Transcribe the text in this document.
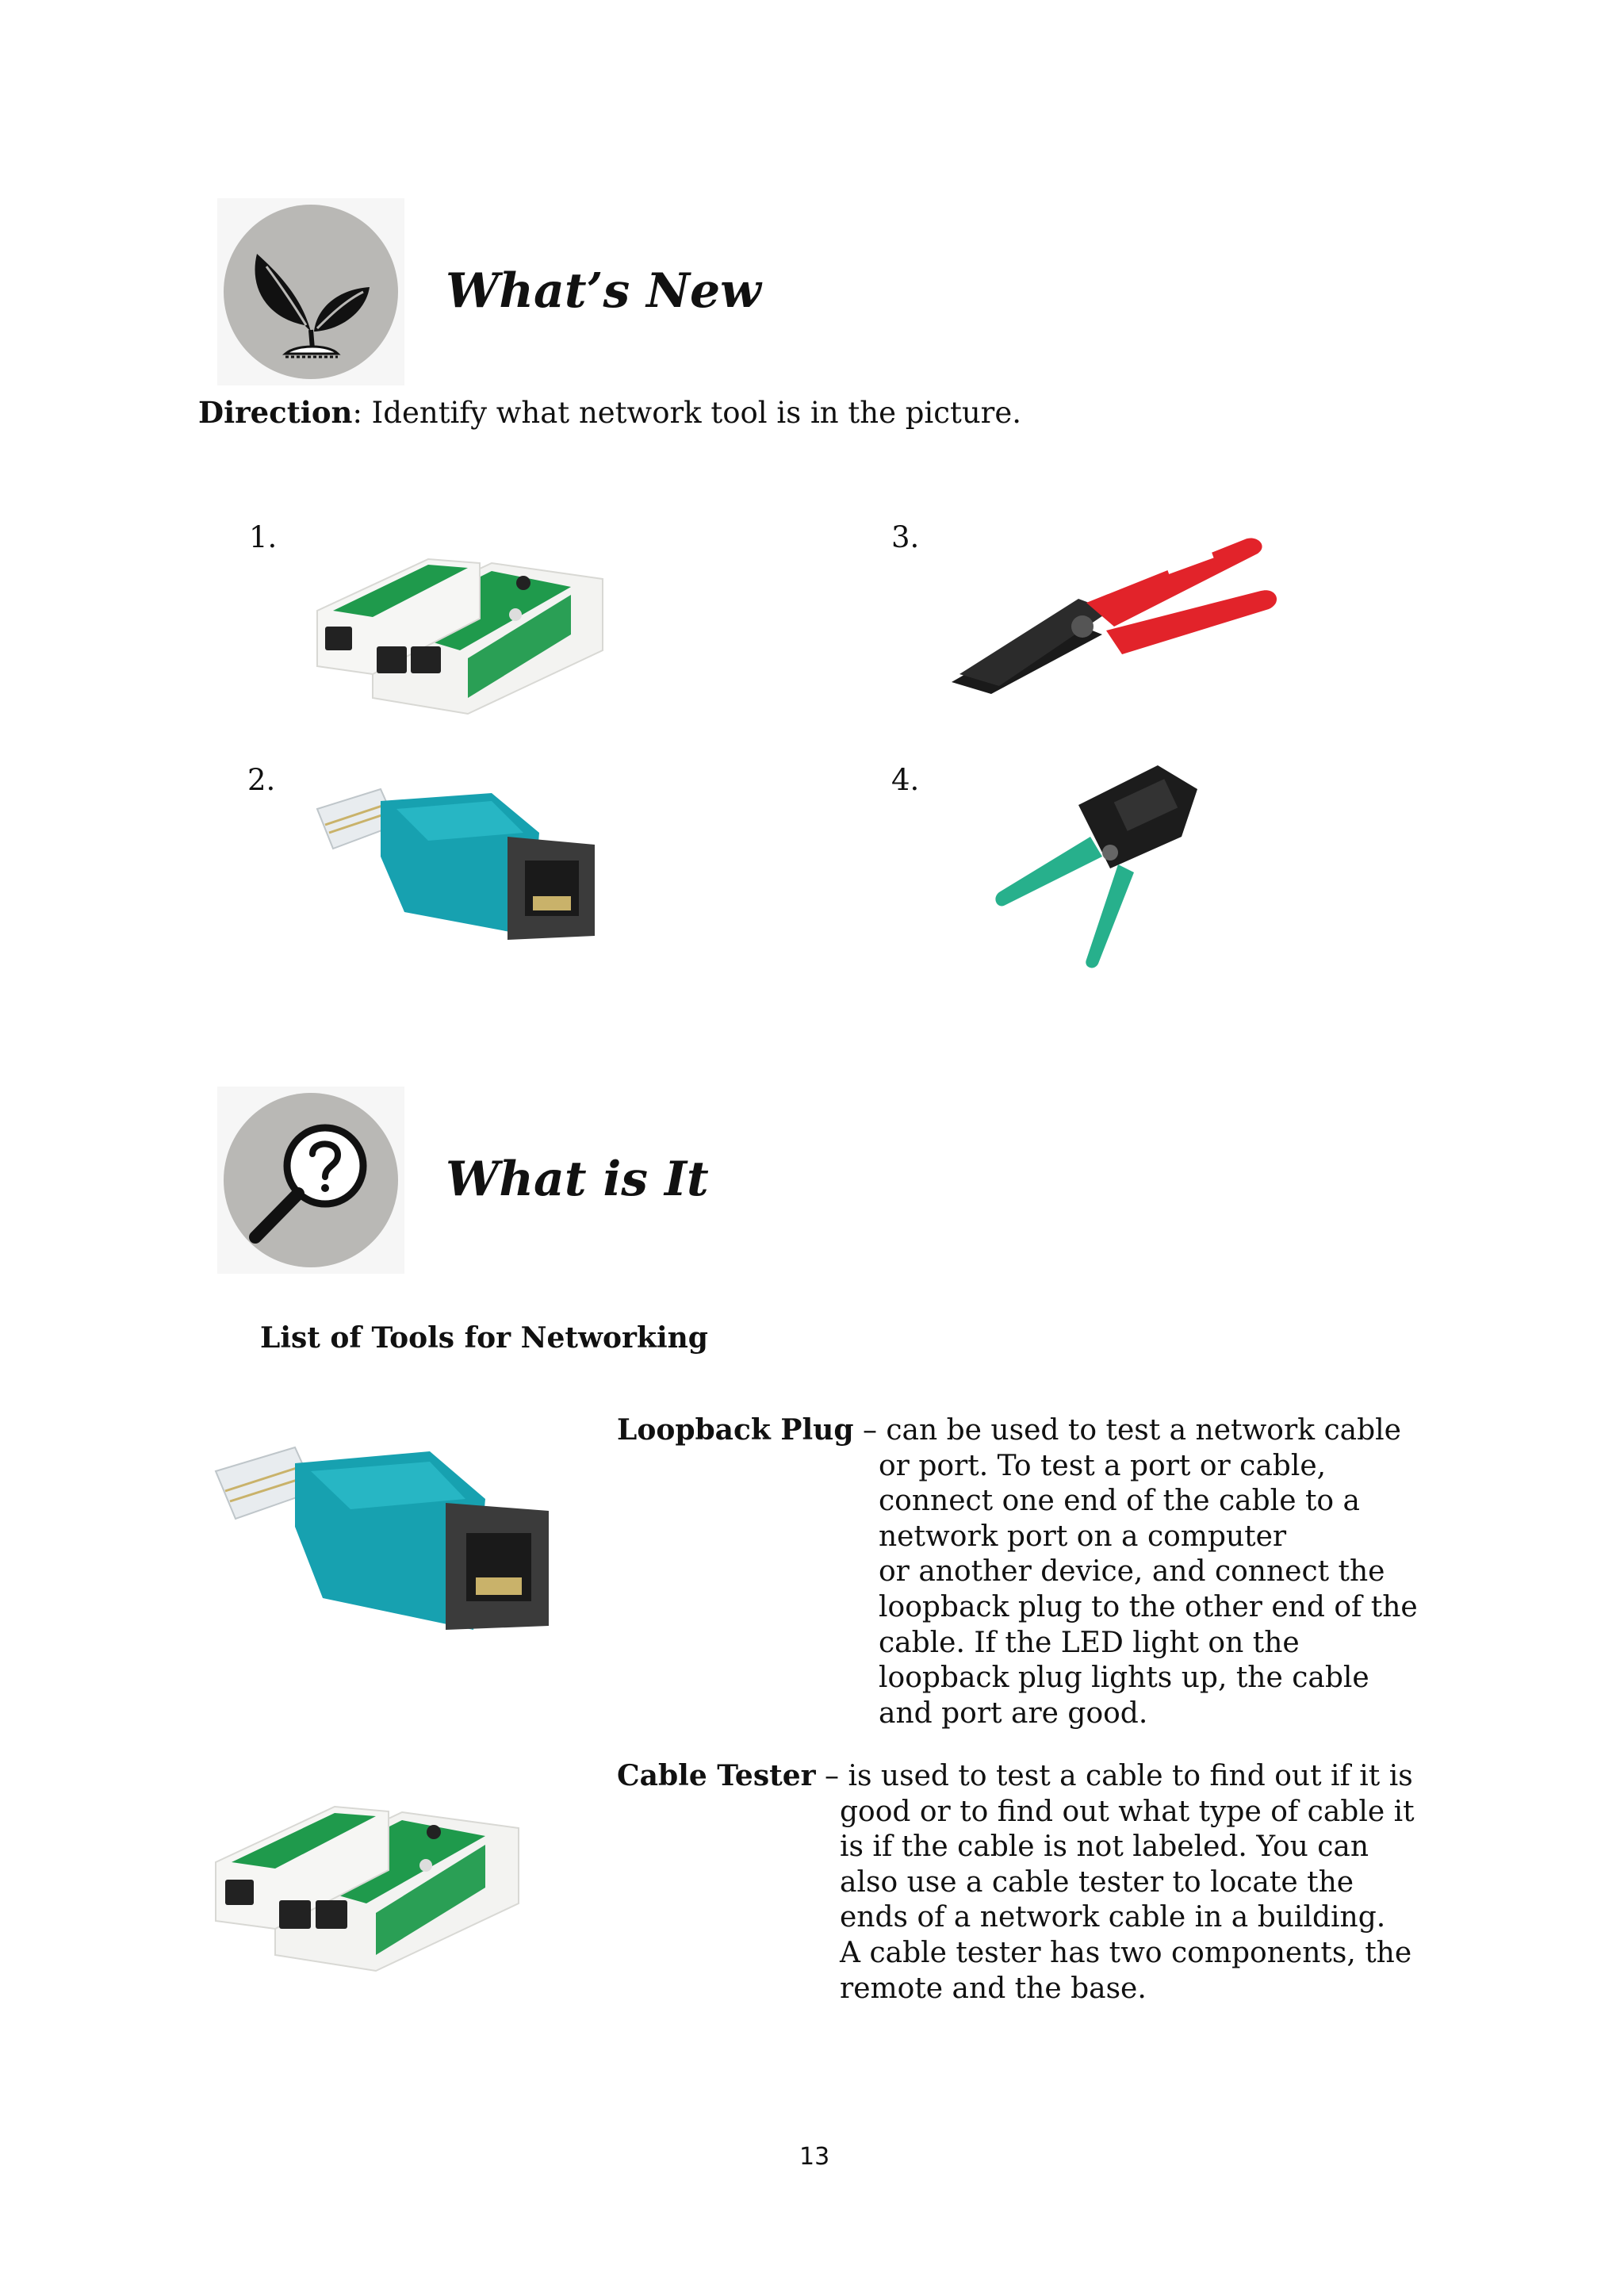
What’s New
Direction: Identify what network tool is in the picture.
1.
2.
3.
4.
What is It
List of Tools for Networking
Loopback Plug – can be used to test a network cable
or port. To test a port or cable,
connect one end of the cable to a
network port on a computer
or another device, and connect the
loopback plug to the other end of the
cable. If the LED light on the
loopback plug lights up, the cable
and port are good.
Cable Tester – is used to test a cable to find out if it is
good or to find out what type of cable it
is if the cable is not labeled. You can
also use a cable tester to locate the
ends of a network cable in a building.
A cable tester has two components, the
remote and the base.
13
